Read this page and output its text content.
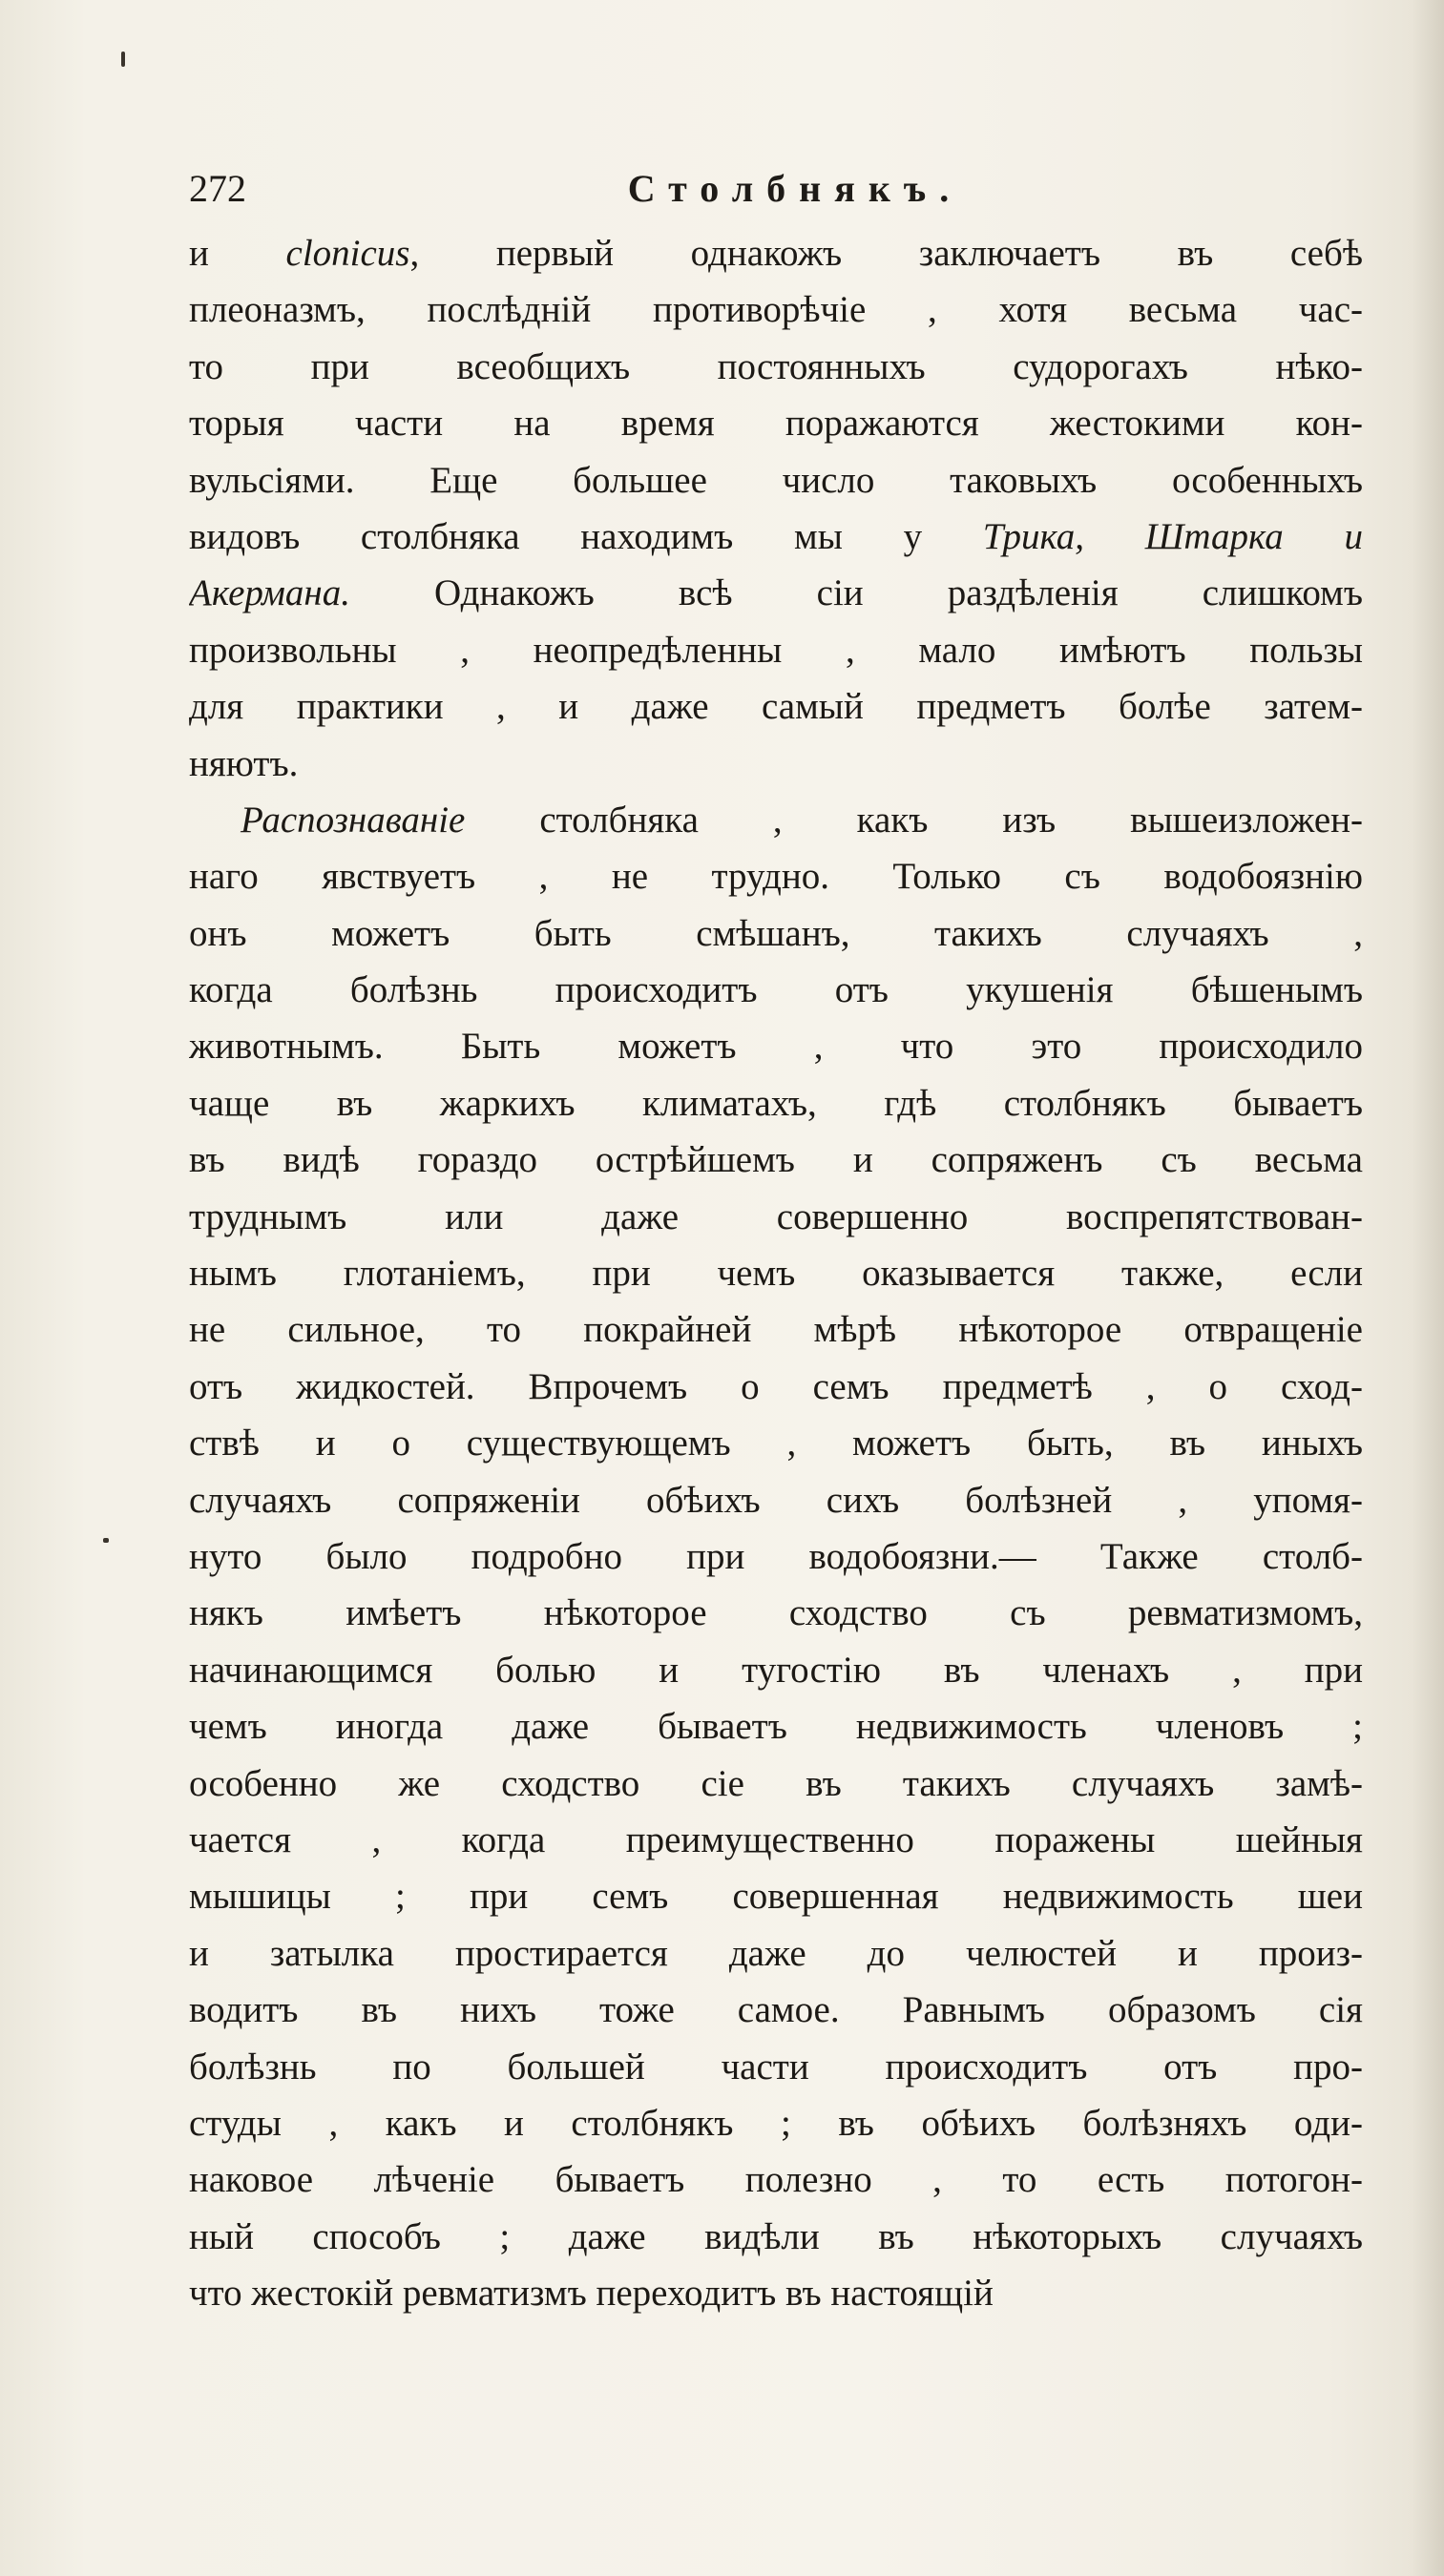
272	Столбнякъ.
и clonicus, первый однакожъ заключаетъ въ себѣ
плеоназмъ, послѣдній противорѣчіе , хотя весьма час-
то при всеобщихъ постоянныхъ судорогахъ нѣко-
торыя части на время поражаются жестокими кон-
вульсіями. Еще большее число таковыхъ особенныхъ
видовъ столбняка находимъ мы у Трика, Штарка и
Акермана. Однакожъ всѣ сіи раздѣленія слишкомъ
произвольны , неопредѣленны , мало имѣютъ пользы
для практики , и даже самый предметъ болѣе затем-
няютъ.
Распознаваніе столбняка , какъ изъ вышеизложен-
наго явствуетъ , не трудно. Только съ водобоязнію
онъ можетъ быть смѣшанъ, такихъ случаяхъ ,
когда болѣзнь происходитъ отъ укушенія бѣшенымъ
животнымъ. Быть можетъ , что это происходило
чаще въ жаркихъ климатахъ, гдѣ столбнякъ бываетъ
въ видѣ гораздо острѣйшемъ и сопряженъ съ весьма
труднымъ или даже совершенно воспрепятствован-
нымъ глотаніемъ, при чемъ оказывается также, если
не сильное, то покрайней мѣрѣ нѣкоторое отвращеніе
отъ жидкостей. Впрочемъ о семъ предметѣ , о сход-
ствѣ и о существующемъ , можетъ быть, въ иныхъ
случаяхъ сопряженіи обѣихъ сихъ болѣзней , упомя-
нуто было подробно при водобоязни.— Также столб-
някъ имѣетъ нѣкоторое сходство съ ревматизмомъ,
начинающимся болью и тугостію въ членахъ , при
чемъ иногда даже бываетъ недвижимость членовъ ;
особенно же сходство сіе въ такихъ случаяхъ замѣ-
чается , когда преимущественно поражены шейныя
мышицы ; при семъ совершенная недвижимость шеи
и затылка простирается даже до челюстей и произ-
водитъ въ нихъ тоже самое. Равнымъ образомъ сія
болѣзнь по большей части происходитъ отъ про-
студы , какъ и столбнякъ ; въ обѣихъ болѣзняхъ оди-
наковое лѣченіе бываетъ полезно , то есть потогон-
ный способъ ; даже видѣли въ нѣкоторыхъ случаяхъ
что жестокій ревматизмъ переходитъ въ настоящій
